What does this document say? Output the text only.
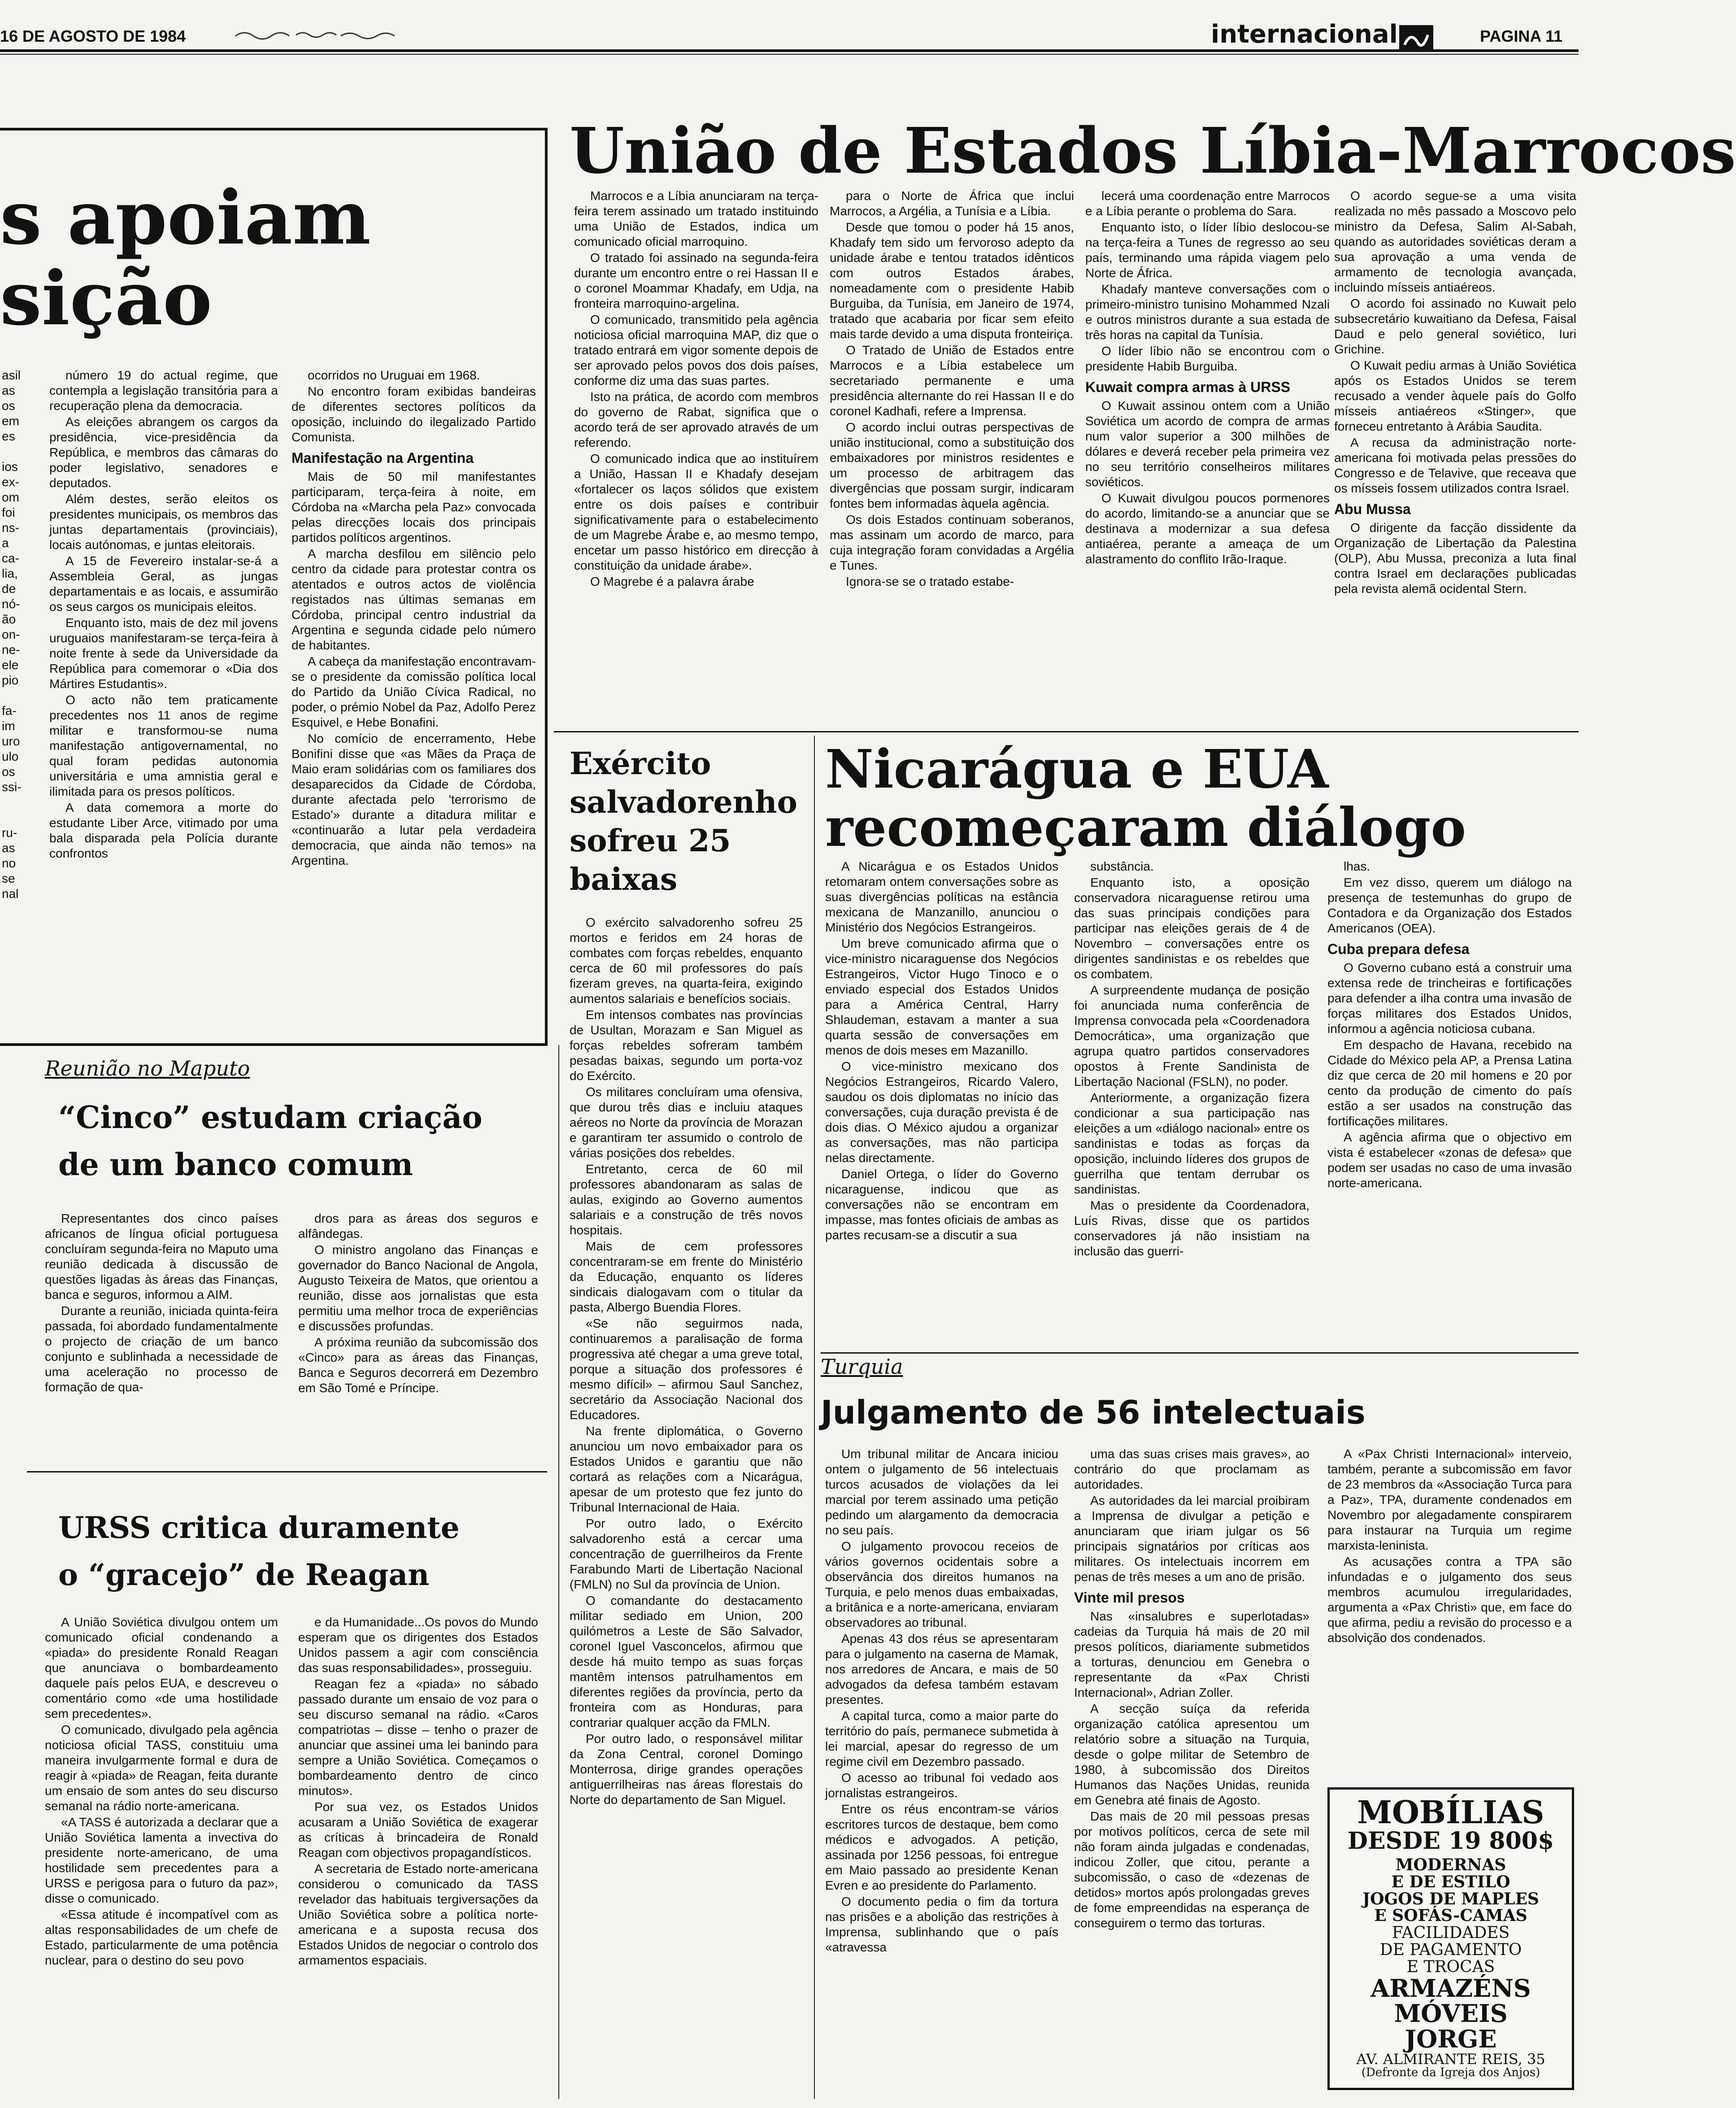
16 DE AGOSTO DE 1984	internacional	PAGINA 11
s apoiam
sição
asil
as
os
em
es
ios
ex-
om
foi
ns-
a
ca-
lia,
de
nó-
ão
on-
ne-
ele
pio
fa-
im
uro
ulo
os
ssi-
ru-
as
no
se
nal

número 19 do actual regime, que contempla a legislação transitória para a recuperação plena da democracia.

As eleições abrangem os cargos da presidência, vice-presidência da República, e membros das câmaras do poder legislativo, senadores e deputados.

Além destes, serão eleitos os presidentes municipais, os membros das juntas departamentais (provinciais), locais autónomas, e juntas eleitorais.

A 15 de Fevereiro instalar-se-á a Assembleia Geral, as jungas departamentais e as locais, e assumirão os seus cargos os municipais eleitos.

Enquanto isto, mais de dez mil jovens uruguaios manifestaram-se terça-feira à noite frente à sede da Universidade da República para comemorar o «Dia dos Mártires Estudantis».

O acto não tem praticamente precedentes nos 11 anos de regime militar e transformou-se numa manifestação antigovernamental, no qual foram pedidas autonomia universitária e uma amnistia geral e ilimitada para os presos políticos.

A data comemora a morte do estudante Liber Arce, vitimado por uma bala disparada pela Polícia durante confrontos

ocorridos no Uruguai em 1968.

No encontro foram exibidas bandeiras de diferentes sectores políticos da oposição, incluindo do ilegalizado Partido Comunista.

Manifestação na Argentina

Mais de 50 mil manifestantes participaram, terça-feira à noite, em Córdoba na «Marcha pela Paz» convocada pelas direcções locais dos principais partidos políticos argentinos.

A marcha desfilou em silêncio pelo centro da cidade para protestar contra os atentados e outros actos de violência registados nas últimas semanas em Córdoba, principal centro industrial da Argentina e segunda cidade pelo número de habitantes.

A cabeça da manifestação encontravam-se o presidente da comissão política local do Partido da União Cívica Radical, no poder, o prémio Nobel da Paz, Adolfo Perez Esquivel, e Hebe Bonafini.

No comício de encerramento, Hebe Bonifini disse que «as Mães da Praça de Maio eram solidárias com os familiares dos desaparecidos da Cidade de Córdoba, durante afectada pelo 'terrorismo de Estado'» durante a ditadura militar e «continuarão a lutar pela verdadeira democracia, que ainda não temos» na Argentina.

União de Estados Líbia-Marrocos

Marrocos e a Líbia anunciaram na terça-feira terem assinado um tratado instituindo uma União de Estados, indica um comunicado oficial marroquino.

O tratado foi assinado na segunda-feira durante um encontro entre o rei Hassan II e o coronel Moammar Khadafy, em Udja, na fronteira marroquino-argelina.

O comunicado, transmitido pela agência noticiosa oficial marroquina MAP, diz que o tratado entrará em vigor somente depois de ser aprovado pelos povos dos dois países, conforme diz uma das suas partes.

Isto na prática, de acordo com membros do governo de Rabat, significa que o acordo terá de ser aprovado através de um referendo.

O comunicado indica que ao instituírem a União, Hassan II e Khadafy desejam «fortalecer os laços sólidos que existem entre os dois países e contribuir significativamente para o estabelecimento de um Magrebe Árabe e, ao mesmo tempo, encetar um passo histórico em direcção à constituição da unidade árabe».

O Magrebe é a palavra árabe

para o Norte de África que inclui Marrocos, a Argélia, a Tunísia e a Líbia.

Desde que tomou o poder há 15 anos, Khadafy tem sido um fervoroso adepto da unidade árabe e tentou tratados idênticos com outros Estados árabes, nomeadamente com o presidente Habib Burguiba, da Tunísia, em Janeiro de 1974, tratado que acabaria por ficar sem efeito mais tarde devido a uma disputa fronteiriça.

O Tratado de União de Estados entre Marrocos e a Líbia estabelece um secretariado permanente e uma presidência alternante do rei Hassan II e do coronel Kadhafi, refere a Imprensa.

O acordo inclui outras perspectivas de união institucional, como a substituição dos embaixadores por ministros residentes e um processo de arbitragem das divergências que possam surgir, indicaram fontes bem informadas àquela agência.

Os dois Estados continuam soberanos, mas assinam um acordo de marco, para cuja integração foram convidadas a Argélia e Tunes.

Ignora-se se o tratado estabe-

lecerá uma coordenação entre Marrocos e a Líbia perante o problema do Sara.

Enquanto isto, o líder líbio deslocou-se na terça-feira a Tunes de regresso ao seu país, terminando uma rápida viagem pelo Norte de África.

Khadafy manteve conversações com o primeiro-ministro tunisino Mohammed Nzali e outros ministros durante a sua estada de três horas na capital da Tunísia.

O líder líbio não se encontrou com o presidente Habib Burguiba.

Kuwait compra armas à URSS

O Kuwait assinou ontem com a União Soviética um acordo de compra de armas num valor superior a 300 milhões de dólares e deverá receber pela primeira vez no seu território conselheiros militares soviéticos.

O Kuwait divulgou poucos pormenores do acordo, limitando-se a anunciar que se destinava a modernizar a sua defesa antiaérea, perante a ameaça de um alastramento do conflito Irão-Iraque.

O acordo segue-se a uma visita realizada no mês passado a Moscovo pelo ministro da Defesa, Salim Al-Sabah, quando as autoridades soviéticas deram a sua aprovação a uma venda de armamento de tecnologia avançada, incluindo mísseis antiaéreos.

O acordo foi assinado no Kuwait pelo subsecretário kuwaitiano da Defesa, Faisal Daud e pelo general soviético, Iuri Grichine.

O Kuwait pediu armas à União Soviética após os Estados Unidos se terem recusado a vender àquele país do Golfo mísseis antiaéreos «Stinger», que forneceu entretanto à Arábia Saudita.

A recusa da administração norte-americana foi motivada pelas pressões do Congresso e de Telavive, que receava que os mísseis fossem utilizados contra Israel.

Abu Mussa

O dirigente da facção dissidente da Organização de Libertação da Palestina (OLP), Abu Mussa, preconiza a luta final contra Israel em declarações publicadas pela revista alemã ocidental Stern.

Exército salvadorenho sofreu 25 baixas

O exército salvadorenho sofreu 25 mortos e feridos em 24 horas de combates com forças rebeldes, enquanto cerca de 60 mil professores do país fizeram greves, na quarta-feira, exigindo aumentos salariais e benefícios sociais.

Em intensos combates nas províncias de Usultan, Morazam e San Miguel as forças rebeldes sofreram também pesadas baixas, segundo um porta-voz do Exército.

Os militares concluíram uma ofensiva, que durou três dias e incluiu ataques aéreos no Norte da província de Morazan e garantiram ter assumido o controlo de várias posições dos rebeldes.

Entretanto, cerca de 60 mil professores abandonaram as salas de aulas, exigindo ao Governo aumentos salariais e a construção de três novos hospitais.

Mais de cem professores concentraram-se em frente do Ministério da Educação, enquanto os líderes sindicais dialogavam com o titular da pasta, Albergo Buendia Flores.

«Se não seguirmos nada, continuaremos a paralisação de forma progressiva até chegar a uma greve total, porque a situação dos professores é mesmo difícil» – afirmou Saul Sanchez, secretário da Associação Nacional dos Educadores.

Na frente diplomática, o Governo anunciou um novo embaixador para os Estados Unidos e garantiu que não cortará as relações com a Nicarágua, apesar de um protesto que fez junto do Tribunal Internacional de Haia.

Por outro lado, o Exército salvadorenho está a cercar uma concentração de guerrilheiros da Frente Farabundo Marti de Libertação Nacional (FMLN) no Sul da província de Union.

O comandante do destacamento militar sediado em Union, 200 quilómetros a Leste de São Salvador, coronel Iguel Vasconcelos, afirmou que desde há muito tempo as suas forças mantêm intensos patrulhamentos em diferentes regiões da província, perto da fronteira com as Honduras, para contrariar qualquer acção da FMLN.

Por outro lado, o responsável militar da Zona Central, coronel Domingo Monterrosa, dirige grandes operações antiguerrilheiras nas áreas florestais do Norte do departamento de San Miguel.

Reunião no Maputo
“Cinco” estudam criação
de um banco comum

Representantes dos cinco países africanos de língua oficial portuguesa concluíram segunda-feira no Maputo uma reunião dedicada à discussão de questões ligadas às áreas das Finanças, banca e seguros, informou a AIM.

Durante a reunião, iniciada quinta-feira passada, foi abordado fundamentalmente o projecto de criação de um banco conjunto e sublinhada a necessidade de uma aceleração no processo de formação de qua-

dros para as áreas dos seguros e alfândegas.

O ministro angolano das Finanças e governador do Banco Nacional de Angola, Augusto Teixeira de Matos, que orientou a reunião, disse aos jornalistas que esta permitiu uma melhor troca de experiências e discussões profundas.

A próxima reunião da subcomissão dos «Cinco» para as áreas das Finanças, Banca e Seguros decorrerá em Dezembro em São Tomé e Príncipe.

URSS critica duramente
o “gracejo” de Reagan

A União Soviética divulgou ontem um comunicado oficial condenando a «piada» do presidente Ronald Reagan que anunciava o bombardeamento daquele país pelos EUA, e descreveu o comentário como «de uma hostilidade sem precedentes».

O comunicado, divulgado pela agência noticiosa oficial TASS, constituiu uma maneira invulgarmente formal e dura de reagir à «piada» de Reagan, feita durante um ensaio de som antes do seu discurso semanal na rádio norte-americana.

«A TASS é autorizada a declarar que a União Soviética lamenta a invectiva do presidente norte-americano, de uma hostilidade sem precedentes para a URSS e perigosa para o futuro da paz», disse o comunicado.

«Essa atitude é incompatível com as altas responsabilidades de um chefe de Estado, particularmente de uma potência nuclear, para o destino do seu povo

e da Humanidade...Os povos do Mundo esperam que os dirigentes dos Estados Unidos passem a agir com consciência das suas responsabilidades», prosseguiu.

Reagan fez a «piada» no sábado passado durante um ensaio de voz para o seu discurso semanal na rádio. «Caros compatriotas – disse – tenho o prazer de anunciar que assinei uma lei banindo para sempre a União Soviética. Começamos o bombardeamento dentro de cinco minutos».

Por sua vez, os Estados Unidos acusaram a União Soviética de exagerar as críticas à brincadeira de Ronald Reagan com objectivos propagandísticos.

A secretaria de Estado norte-americana considerou o comunicado da TASS revelador das habituais tergiversações da União Soviética sobre a política norte-americana e a suposta recusa dos Estados Unidos de negociar o controlo dos armamentos espaciais.

Nicarágua e EUA
recomeçaram diálogo

A Nicarágua e os Estados Unidos retomaram ontem conversações sobre as suas divergências políticas na estância mexicana de Manzanillo, anunciou o Ministério dos Negócios Estrangeiros.

Um breve comunicado afirma que o vice-ministro nicaraguense dos Negócios Estrangeiros, Victor Hugo Tinoco e o enviado especial dos Estados Unidos para a América Central, Harry Shlaudeman, estavam a manter a sua quarta sessão de conversações em menos de dois meses em Mazanillo.

O vice-ministro mexicano dos Negócios Estrangeiros, Ricardo Valero, saudou os dois diplomatas no início das conversações, cuja duração prevista é de dois dias. O México ajudou a organizar as conversações, mas não participa nelas directamente.

Daniel Ortega, o líder do Governo nicaraguense, indicou que as conversações não se encontram em impasse, mas fontes oficiais de ambas as partes recusam-se a discutir a sua

substância.

Enquanto isto, a oposição conservadora nicaraguense retirou uma das suas principais condições para participar nas eleições gerais de 4 de Novembro – conversações entre os dirigentes sandinistas e os rebeldes que os combatem.

A surpreendente mudança de posição foi anunciada numa conferência de Imprensa convocada pela «Coordenadora Democrática», uma organização que agrupa quatro partidos conservadores opostos à Frente Sandinista de Libertação Nacional (FSLN), no poder.

Anteriormente, a organização fizera condicionar a sua participação nas eleições a um «diálogo nacional» entre os sandinistas e todas as forças da oposição, incluindo líderes dos grupos de guerrilha que tentam derrubar os sandinistas.

Mas o presidente da Coordenadora, Luís Rivas, disse que os partidos conservadores já não insistiam na inclusão das guerri-

lhas.

Em vez disso, querem um diálogo na presença de testemunhas do grupo de Contadora e da Organização dos Estados Americanos (OEA).

Cuba prepara defesa

O Governo cubano está a construir uma extensa rede de trincheiras e fortificações para defender a ilha contra uma invasão de forças militares dos Estados Unidos, informou a agência noticiosa cubana.

Em despacho de Havana, recebido na Cidade do México pela AP, a Prensa Latina diz que cerca de 20 mil homens e 20 por cento da produção de cimento do país estão a ser usados na construção das fortificações militares.

A agência afirma que o objectivo em vista é estabelecer «zonas de defesa» que podem ser usadas no caso de uma invasão norte-americana.

Turquia
Julgamento de 56 intelectuais

Um tribunal militar de Ancara iniciou ontem o julgamento de 56 intelectuais turcos acusados de violações da lei marcial por terem assinado uma petição pedindo um alargamento da democracia no seu país.

O julgamento provocou receios de vários governos ocidentais sobre a observância dos direitos humanos na Turquia, e pelo menos duas embaixadas, a britânica e a norte-americana, enviaram observadores ao tribunal.

Apenas 43 dos réus se apresentaram para o julgamento na caserna de Mamak, nos arredores de Ancara, e mais de 50 advogados da defesa também estavam presentes.

A capital turca, como a maior parte do território do país, permanece submetida à lei marcial, apesar do regresso de um regime civil em Dezembro passado.

O acesso ao tribunal foi vedado aos jornalistas estrangeiros.

Entre os réus encontram-se vários escritores turcos de destaque, bem como médicos e advogados. A petição, assinada por 1256 pessoas, foi entregue em Maio passado ao presidente Kenan Evren e ao presidente do Parlamento.

O documento pedia o fim da tortura nas prisões e a abolição das restrições à Imprensa, sublinhando que o país «atravessa

uma das suas crises mais graves», ao contrário do que proclamam as autoridades.

As autoridades da lei marcial proibiram a Imprensa de divulgar a petição e anunciaram que iriam julgar os 56 principais signatários por críticas aos militares. Os intelectuais incorrem em penas de três meses a um ano de prisão.

Vinte mil presos

Nas «insalubres e superlotadas» cadeias da Turquia há mais de 20 mil presos políticos, diariamente submetidos a torturas, denunciou em Genebra o representante da «Pax Christi Internacional», Adrian Zoller.

A secção suíça da referida organização católica apresentou um relatório sobre a situação na Turquia, desde o golpe militar de Setembro de 1980, à subcomissão dos Direitos Humanos das Nações Unidas, reunida em Genebra até finais de Agosto.

Das mais de 20 mil pessoas presas por motivos políticos, cerca de sete mil não foram ainda julgadas e condenadas, indicou Zoller, que citou, perante a subcomissão, o caso de «dezenas de detidos» mortos após prolongadas greves de fome empreendidas na esperança de conseguirem o termo das torturas.

A «Pax Christi Internacional» interveio, também, perante a subcomissão em favor de 23 membros da «Associação Turca para a Paz», TPA, duramente condenados em Novembro por alegadamente conspirarem para instaurar na Turquia um regime marxista-leninista.

As acusações contra a TPA são infundadas e o julgamento dos seus membros acumulou irregularidades, argumenta a «Pax Christi» que, em face do que afirma, pediu a revisão do processo e a absolvição dos condenados.

MOBÍLIAS
DESDE 19 800$
MODERNAS
E DE ESTILO
JOGOS DE MAPLES
E SOFÁS-CAMAS
FACILIDADES
DE PAGAMENTO
E TROCAS
ARMAZÉNS
MÓVEIS
JORGE
AV. ALMIRANTE REIS, 35
(Defronte da Igreja dos Anjos)
